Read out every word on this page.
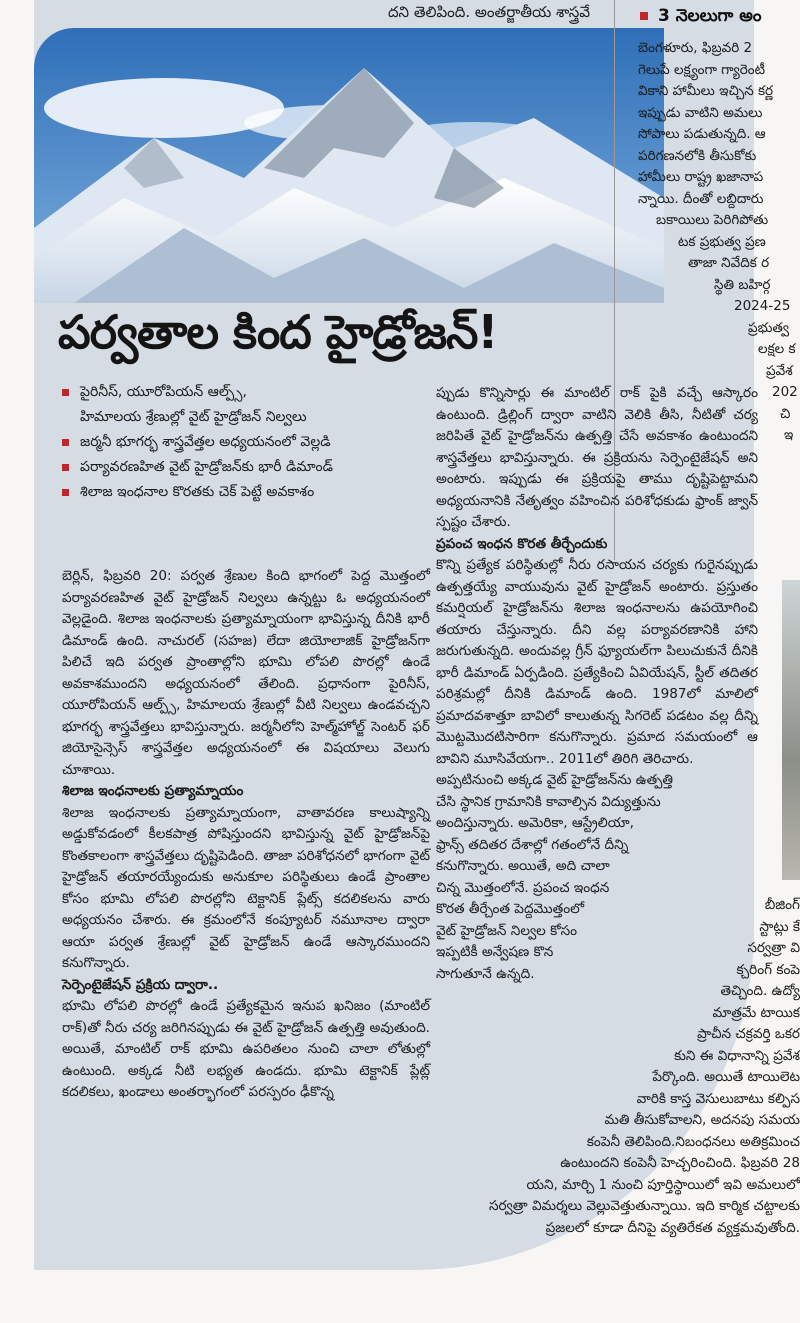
దని తెలిపింది. అంతర్జాతీయ శాస్త్రవే	3 నెలలుగా అం
బెంగళూరు, ఫిబ్రవరి 2
గెలుపే లక్ష్యంగా గ్యారెంటీ
వికాని హామీలు ఇచ్చిన కర్ణ
ఇప్పుడు వాటిని అమలు
సోపాలు పడుతున్నది. ఆ
పరిగణనలోకి తీసుకోకు
హామీలు రాష్ట్ర ఖజానాప
న్నాయి. దీంతో లబ్దిదారు
బకాయిలు పెరిగిపోతు
టక ప్రభుత్వ ప్రణ
తాజా నివేదిక ర
స్థితి బహిర్గ
2024-25
ప్రభుత్వ
లక్షల క
ప్రవేశ
202
చి
ఇ
పర్వతాల కింద హైడ్రోజన్!
పైరినీస్, యూరోపియన్ ఆల్ప్స్,
హిమాలయ శ్రేణుల్లో వైట్ హైడ్రోజన్ నిల్వలు
జర్మనీ భూగర్భ శాస్త్రవేత్తల అధ్యయనంలో వెల్లడి
పర్యావరణహిత వైట్ హైడ్రోజన్‌కు భారీ డిమాండ్
శిలాజ ఇంధనాల కొరతకు చెక్ పెట్టే అవకాశం
బెర్లిన్, ఫిబ్రవరి 20: పర్వత శ్రేణుల కింది భాగంలో పెద్ద మొత్తంలో పర్యావరణహిత వైట్ హైడ్రోజన్ నిల్వలు ఉన్నట్టు ఓ అధ్యయనంలో వెల్లడైంది. శిలాజ ఇంధనాలకు ప్రత్యామ్నాయంగా భావిస్తున్న దీనికి భారీ డిమాండ్ ఉంది. నాచురల్ (సహజ) లేదా జియోలాజిక్ హైడ్రోజన్‌గా పిలిచే ఇది పర్వత ప్రాంతాల్లోని భూమి లోపలి పొరల్లో ఉండే అవకాశముందని అధ్యయనంలో తేలింది. ప్రధానంగా పైరినీస్, యూరోపియన్ ఆల్ప్స్, హిమాలయ శ్రేణుల్లో వీటి నిల్వలు ఉండవచ్చని భూగర్భ శాస్త్రవేత్తలు భావిస్తున్నారు. జర్మనీలోని హెల్మ్‌హోల్జ్ సెంటర్ ఫర్ జియోసైన్సెస్ శాస్త్రవేత్తల అధ్యయనంలో ఈ విషయాలు వెలుగు చూశాయి.
శిలాజ ఇంధనాలకు ప్రత్యామ్నాయం
శిలాజ ఇంధనాలకు ప్రత్యామ్నాయంగా, వాతావరణ కాలుష్యాన్ని అడ్డుకోవడంలో కీలకపాత్ర పోషిస్తుందని భావిస్తున్న వైట్ హైడ్రోజన్‌పై కొంతకాలంగా శాస్త్రవేత్తలు దృష్టిపెడింది. తాజా పరిశోధనలో భాగంగా వైట్ హైడ్రోజన్ తయారయ్యేందుకు అనుకూల పరిస్థితులు ఉండే ప్రాంతాల కోసం భూమి లోపలి పొరల్లోని టెక్టానిక్ ప్లేట్స్ కదలికలను వారు అధ్యయనం చేశారు. ఈ క్రమంలోనే కంప్యూటర్ నమూనాల ద్వారా ఆయా పర్వత శ్రేణుల్లో వైట్ హైడ్రోజన్ ఉండే ఆస్కారముందని కనుగొన్నారు.
సెర్పెంటైజేషన్ ప్రక్రియ ద్వారా..
భూమి లోపలి పొరల్లో ఉండే ప్రత్యేకమైన ఇనుప ఖనిజం (మాంటిల్ రాక్)తో నీరు చర్య జరిగినప్పుడు ఈ వైట్ హైడ్రోజన్ ఉత్పత్తి అవుతుంది. అయితే, మాంటిల్ రాక్ భూమి ఉపరితలం నుంచి చాలా లోతుల్లో ఉంటుంది. అక్కడ నీటి లభ్యత ఉండదు. భూమి టెక్టానిక్ ప్లేట్ల్ కదలికలు, ఖండాలు అంతర్భాగంలో పరస్పరం ఢీకొన్న
ప్పుడు కొన్నిసార్లు ఈ మాంటిల్ రాక్ పైకి వచ్చే ఆస్కారం ఉంటుంది. డ్రిల్లింగ్ ద్వారా వాటిని వెలికి తీసి, నీటితో చర్య జరిపితే వైట్ హైడ్రోజన్‌ను ఉత్పత్తి చేసే అవకాశం ఉంటుందని శాస్త్రవేత్తలు భావిస్తున్నారు. ఈ ప్రక్రియను సెర్పెంటైజేషన్ అని అంటారు. ఇప్పుడు ఈ ప్రక్రియపై తాము దృష్టిపెట్టామని అధ్యయనానికి నేతృత్వం వహించిన పరిశోధకుడు ఫ్రాంక్ జ్వాన్ స్పష్టం చేశారు.
ప్రపంచ ఇంధన కొరత తీర్చేందుకు
కొన్ని ప్రత్యేక పరిస్థితుల్లో నీరు రసాయన చర్యకు గురైనప్పుడు ఉత్పత్తయ్యే వాయువును వైట్ హైడ్రోజన్ అంటారు. ప్రస్తుతం కమర్షియల్ హైడ్రోజన్‌ను శిలాజ ఇంధనాలను ఉపయోగించి తయారు చేస్తున్నారు. దీని వల్ల పర్యావరణానికి హాని జరుగుతున్నది. అందువల్ల గ్రీన్ ఫ్యూయల్‌గా పిలుచుకునే దీనికి భారీ డిమాండ్ ఏర్పడింది. ప్రత్యేకించి ఏవియేషన్, స్టీల్ తదితర పరిశ్రమల్లో దీనికి డిమాండ్ ఉంది. 1987లో మాలిలో ప్రమాదవశాత్తూ బావిలో కాలుతున్న సిగరెట్ పడటం వల్ల దీన్ని మొట్టమొదటిసారిగా కనుగొన్నారు. ప్రమాద సమయంలో ఆ బావిని మూసివేయగా.. 2011లో తిరిగి తెరిచారు.
అప్పటినుంచి అక్కడ వైట్ హైడ్రోజన్‌ను ఉత్పత్తి
చేసి స్థానిక గ్రామానికి కావాల్సిన విద్యుత్తును
అందిస్తున్నారు. అమెరికా, ఆస్ట్రేలియా,
ఫ్రాన్స్ తదితర దేశాల్లో గతంలోనే దీన్ని
కనుగొన్నారు. అయితే, అది చాలా
చిన్న మొత్తంలోనే. ప్రపంచ ఇంధన
కొరత తీర్చేంత పెద్దమొత్తంలో
వైట్ హైడ్రోజన్ నిల్వల కోసం
ఇప్పటికీ అన్వేషణ కొన
సాగుతూనే ఉన్నది.
బీజింగ్
స్టాట్లు కే
సర్వత్రా వి
క్చరింగ్ కంపె
తెచ్చింది. ఉద్యో
మాత్రమే టాయిక
ప్రాచీన చక్రవర్తి ఒకర
కుని ఈ విధానాన్ని ప్రవేశ
పేర్కొంది. అయితే టాయిలెట
వారికి కాస్త వెసులుబాటు కల్పిస
మతి తీసుకోవాలని, అదనపు సమయ
కంపెనీ తెలిపింది.నిబంధనలు అతిక్రమించ
ఉంటుందని కంపెనీ హెచ్చరించింది. ఫిబ్రవరి 28
యని, మార్చి 1 నుంచి పూర్తిస్థాయిలో ఇవి అమలులో
సర్వత్రా విమర్శలు వెల్లువెత్తుతున్నాయి. ఇది కార్మిక చట్టాలకు
ప్రజలలో కూడా దీనిపై వ్యతిరేకత వ్యక్తమవుతోంది.
